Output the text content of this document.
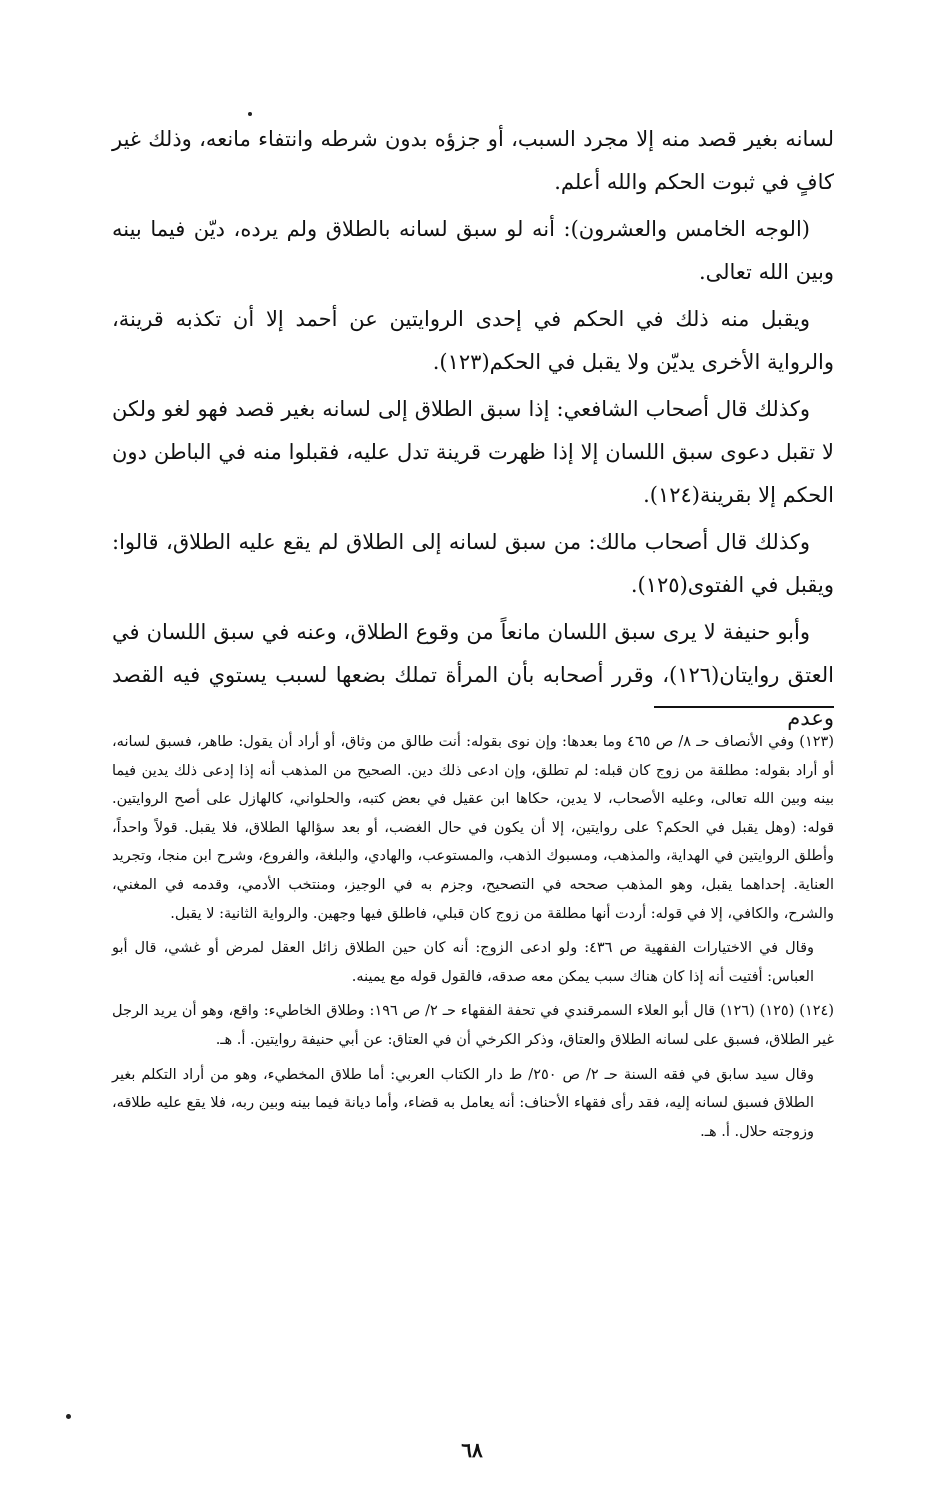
لسانه بغير قصد منه إلا مجرد السبب، أو جزؤه بدون شرطه وانتفاء مانعه، وذلك غير كافٍ في ثبوت الحكم والله أعلم.

(الوجه الخامس والعشرون): أنه لو سبق لسانه بالطلاق ولم يرده، ديّن فيما بينه وبين الله تعالى.

ويقبل منه ذلك في الحكم في إحدى الروايتين عن أحمد إلا أن تكذبه قرينة، والرواية الأخرى يديّن ولا يقبل في الحكم(١٢٣).

وكذلك قال أصحاب الشافعي: إذا سبق الطلاق إلى لسانه بغير قصد فهو لغو ولكن لا تقبل دعوى سبق اللسان إلا إذا ظهرت قرينة تدل عليه، فقبلوا منه في الباطن دون الحكم إلا بقرينة(١٢٤).

وكذلك قال أصحاب مالك: من سبق لسانه إلى الطلاق لم يقع عليه الطلاق، قالوا: ويقبل في الفتوى(١٢٥).

وأبو حنيفة لا يرى سبق اللسان مانعاً من وقوع الطلاق، وعنه في سبق اللسان في العتق روايتان(١٢٦)، وقرر أصحابه بأن المرأة تملك بضعها لسبب يستوي فيه القصد وعدم

(١٢٣) وفي الأنصاف حـ ٨/ ص ٤٦٥ وما بعدها: وإن نوى بقوله: أنت طالق من وثاق، أو أراد أن يقول: طاهر، فسبق لسانه، أو أراد بقوله: مطلقة من زوج كان قبله: لم تطلق، وإن ادعى ذلك دين. الصحيح من المذهب أنه إذا إدعى ذلك يدين فيما بينه وبين الله تعالى، وعليه الأصحاب، لا يدين، حكاها ابن عقيل في بعض كتبه، والحلواني، كالهازل على أصح الروايتين. قوله: (وهل يقبل في الحكم؟ على روايتين، إلا أن يكون في حال الغضب، أو بعد سؤالها الطلاق، فلا يقبل. قولاً واحداً، وأطلق الروايتين في الهداية، والمذهب، ومسبوك الذهب، والمستوعب، والهادي، والبلغة، والفروع، وشرح ابن منجا، وتجريد العناية. إحداهما يقبل، وهو المذهب صححه في التصحيح، وجزم به في الوجيز، ومنتخب الأدمي، وقدمه في المغني، والشرح، والكافي، إلا في قوله: أردت أنها مطلقة من زوج كان قبلي، فاطلق فيها وجهين. والرواية الثانية: لا يقبل.

وقال في الاختيارات الفقهية ص ٤٣٦: ولو ادعى الزوج: أنه كان حين الطلاق زائل العقل لمرض أو غشي، قال أبو العباس: أفتيت أنه إذا كان هناك سبب يمكن معه صدقه، فالقول قوله مع يمينه.

(١٢٤) (١٢٥) (١٢٦) قال أبو العلاء السمرقندي في تحفة الفقهاء حـ ٢/ ص ١٩٦: وطلاق الخاطيء: واقع، وهو أن يريد الرجل غير الطلاق، فسبق على لسانه الطلاق والعتاق، وذكر الكرخي أن في العتاق: عن أبي حنيفة روايتين. أ. هـ.

وقال سيد سابق في فقه السنة حـ ٢/ ص ٢٥٠/ ط دار الكتاب العربي: أما طلاق المخطيء، وهو من أراد التكلم بغير الطلاق فسبق لسانه إليه، فقد رأى فقهاء الأحناف: أنه يعامل به قضاء، وأما ديانة فيما بينه وبين ربه، فلا يقع عليه طلاقه، وزوجته حلال. أ. هـ.

٦٨
